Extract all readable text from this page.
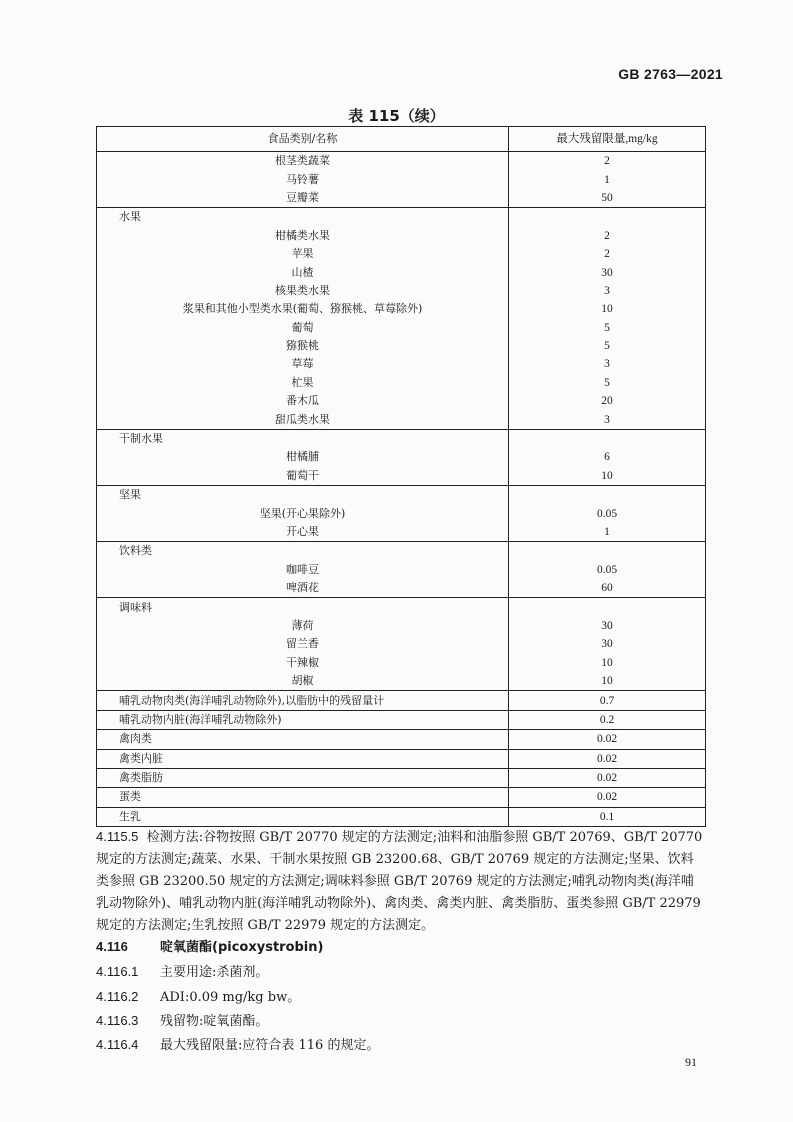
GB 2763—2021
表 115（续）
食品类别/名称	最大残留限量,mg/kg
根茎类蔬菜	2
马铃薯	1
豆瓣菜	50
水果	
柑橘类水果	2
苹果	2
山楂	30
核果类水果	3
浆果和其他小型类水果(葡萄、猕猴桃、草莓除外)	10
葡萄	5
猕猴桃	5
草莓	3
杧果	5
番木瓜	20
甜瓜类水果	3
干制水果	
柑橘脯	6
葡萄干	10
坚果	
坚果(开心果除外)	0.05
开心果	1
饮料类	
咖啡豆	0.05
啤酒花	60
调味料	
薄荷	30
留兰香	30
干辣椒	10
胡椒	10
哺乳动物肉类(海洋哺乳动物除外),以脂肪中的残留量计	0.7
哺乳动物内脏(海洋哺乳动物除外)	0.2
禽肉类	0.02
禽类内脏	0.02
禽类脂肪	0.02
蛋类	0.02
生乳	0.1
4.115.5 检测方法:谷物按照 GB/T 20770 规定的方法测定;油料和油脂参照 GB/T 20769、GB/T 20770 规定的方法测定;蔬菜、水果、干制水果按照 GB 23200.68、GB/T 20769 规定的方法测定;坚果、饮料类参照 GB 23200.50 规定的方法测定;调味料参照 GB/T 20769 规定的方法测定;哺乳动物肉类(海洋哺乳动物除外)、哺乳动物内脏(海洋哺乳动物除外)、禽肉类、禽类内脏、禽类脂肪、蛋类参照 GB/T 22979 规定的方法测定;生乳按照 GB/T 22979 规定的方法测定。
4.116 啶氧菌酯(picoxystrobin)
4.116.1 主要用途:杀菌剂。
4.116.2 ADI:0.09 mg/kg bw。
4.116.3 残留物:啶氧菌酯。
4.116.4 最大残留限量:应符合表 116 的规定。
91
